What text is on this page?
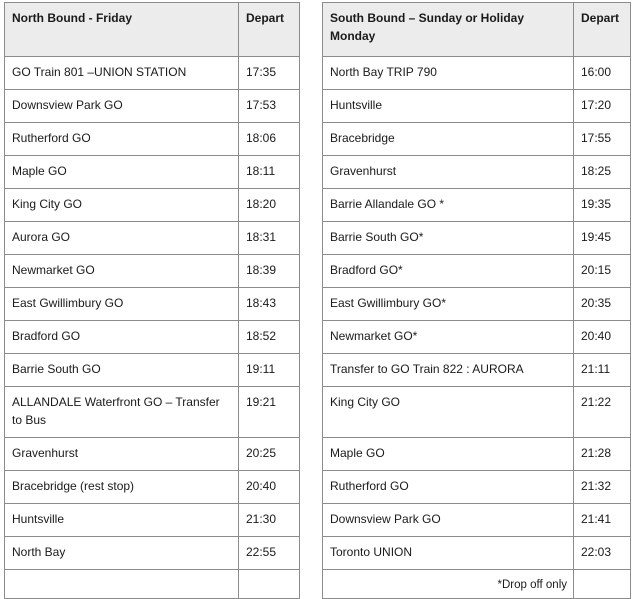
North Bound - Friday	Depart
GO Train 801 –UNION STATION	17:35
Downsview Park GO	17:53
Rutherford GO	18:06
Maple GO	18:11
King City GO	18:20
Aurora GO	18:31
Newmarket GO	18:39
East Gwillimbury GO	18:43
Bradford GO	18:52
Barrie South GO	19:11
ALLANDALE Waterfront GO – Transfer to Bus	19:21
Gravenhurst	20:25
Bracebridge (rest stop)	20:40
Huntsville	21:30
North Bay	22:55

South Bound – Sunday or Holiday Monday	Depart
North Bay TRIP 790	16:00
Huntsville	17:20
Bracebridge	17:55
Gravenhurst	18:25
Barrie Allandale GO *	19:35
Barrie South GO*	19:45
Bradford GO*	20:15
East Gwillimbury GO*	20:35
Newmarket GO*	20:40
Transfer to GO Train 822 : AURORA	21:11
King City GO	21:22
Maple GO	21:28
Rutherford GO	21:32
Downsview Park GO	21:41
Toronto UNION	22:03
*Drop off only	
